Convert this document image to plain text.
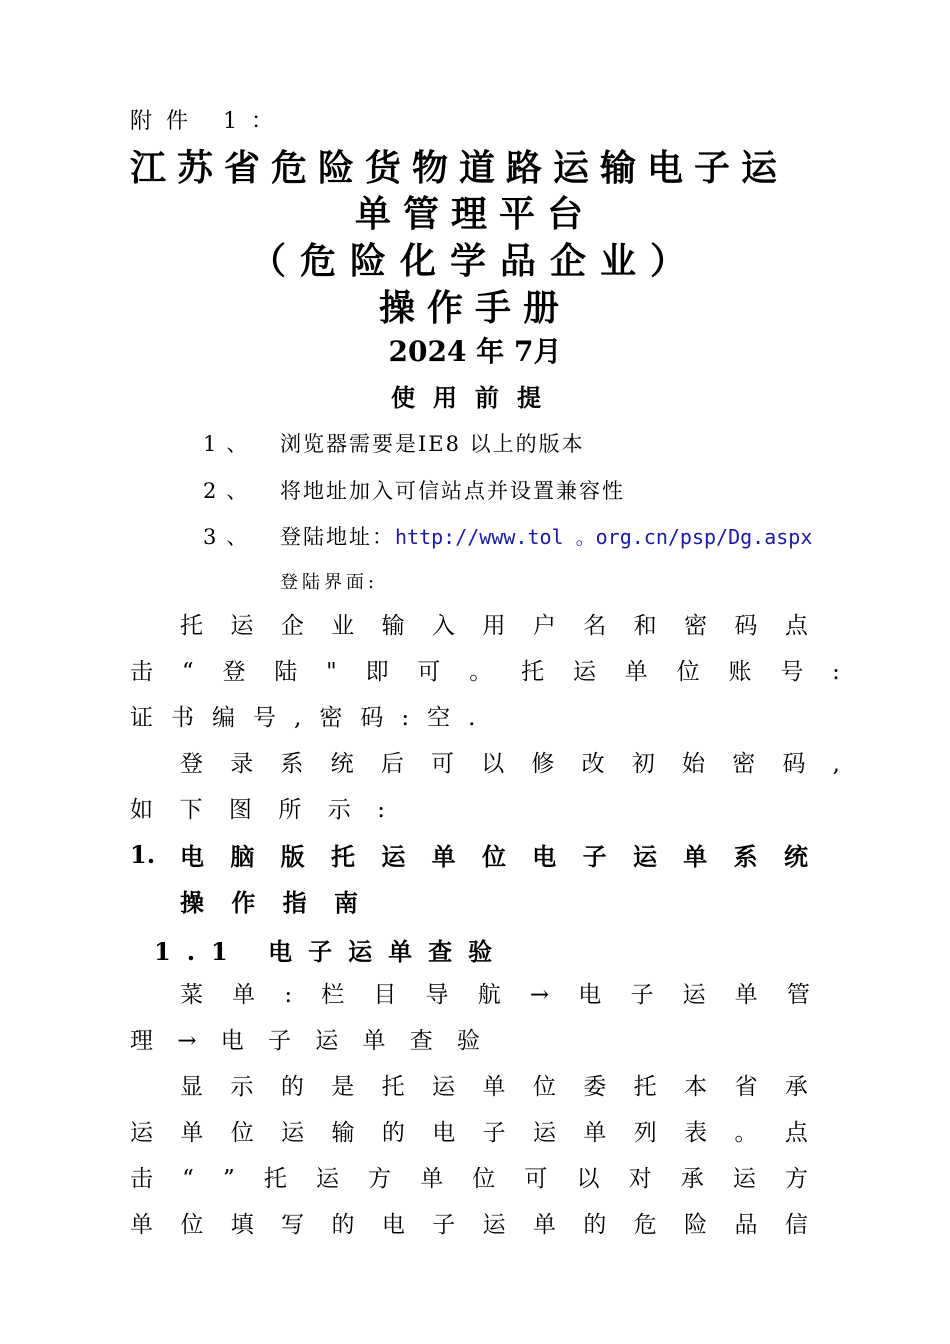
附件 1：
江苏省危险货物道路运输电子运
单管理平台
（危险化学品企业）
操作手册
2024 年 7月
使用前提
1、 浏览器需要是IE8 以上的版本
2、 将地址加入可信站点并设置兼容性
3、 登陆地址：http://www.tol 。org.cn/psp/Dg.aspx
登陆界面:
托 运 企 业 输 入 用 户 名 和 密 码 点
击 “ 登 陆 " 即 可 。 托 运 单 位 账 号 :
证 书 编 号 , 密 码 : 空 .
登 录 系 统 后 可 以 修 改 初 始 密 码 ,
如 下 图 所 示 :
1. 电 脑 版 托 运 单 位 电 子 运 单 系 统
操 作 指 南
1.1 电子运单查验
菜 单 : 栏 目 导 航 → 电 子 运 单 管
理 → 电 子 运 单 查 验
显 示 的 是 托 运 单 位 委 托 本 省 承
运 单 位 运 输 的 电 子 运 单 列 表 。 点
击 “ ” 托 运 方 单 位 可 以 对 承 运 方
单 位 填 写 的 电 子 运 单 的 危 险 品 信
